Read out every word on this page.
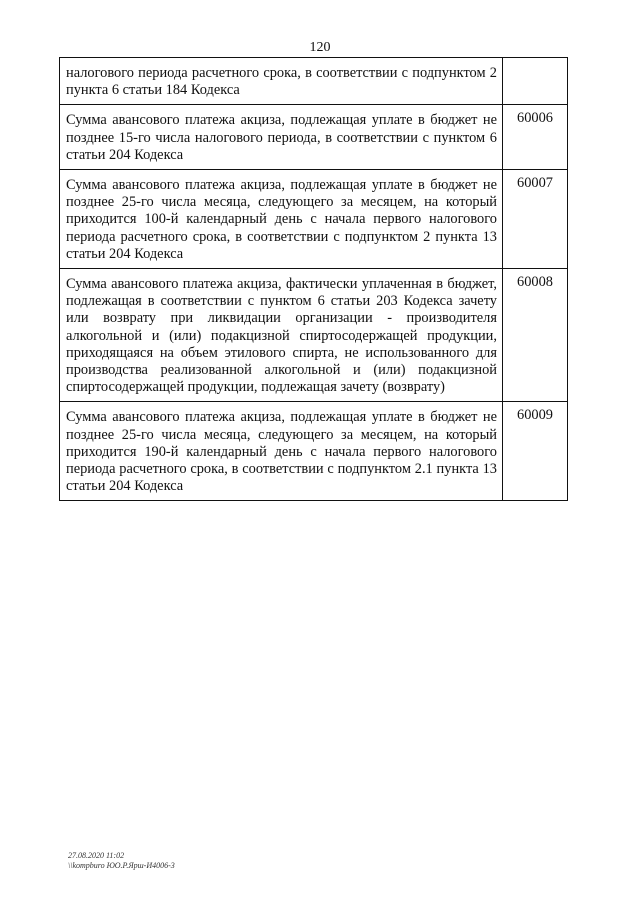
120
налогового периода расчетного срока, в соответствии с подпунктом 2 пункта 6 статьи 184 Кодекса	
Сумма авансового платежа акциза, подлежащая уплате в бюджет не позднее 15-го числа налогового периода, в соответствии с пунктом 6 статьи 204 Кодекса	60006
Сумма авансового платежа акциза, подлежащая уплате в бюджет не позднее 25-го числа месяца, следующего за месяцем, на который приходится 100-й календарный день с начала первого налогового периода расчетного срока, в соответствии с подпунктом 2 пункта 13 статьи 204 Кодекса	60007
Сумма авансового платежа акциза, фактически уплаченная в бюджет, подлежащая в соответствии с пунктом 6 статьи 203 Кодекса зачету или возврату при ликвидации организации - производителя алкогольной и (или) подакцизной спиртосодержащей продукции, приходящаяся на объем этилового спирта, не использованного для производства реализованной алкогольной и (или) подакцизной спиртосодержащей продукции, подлежащая зачету (возврату)	60008
Сумма авансового платежа акциза, подлежащая уплате в бюджет не позднее 25-го числа месяца, следующего за месяцем, на который приходится 190-й календарный день с начала первого налогового периода расчетного срока, в соответствии с подпунктом 2.1 пункта 13 статьи 204 Кодекса	60009
27.08.2020 11:02
\\kompburo ЮО.P.Ярш-И4006-3
